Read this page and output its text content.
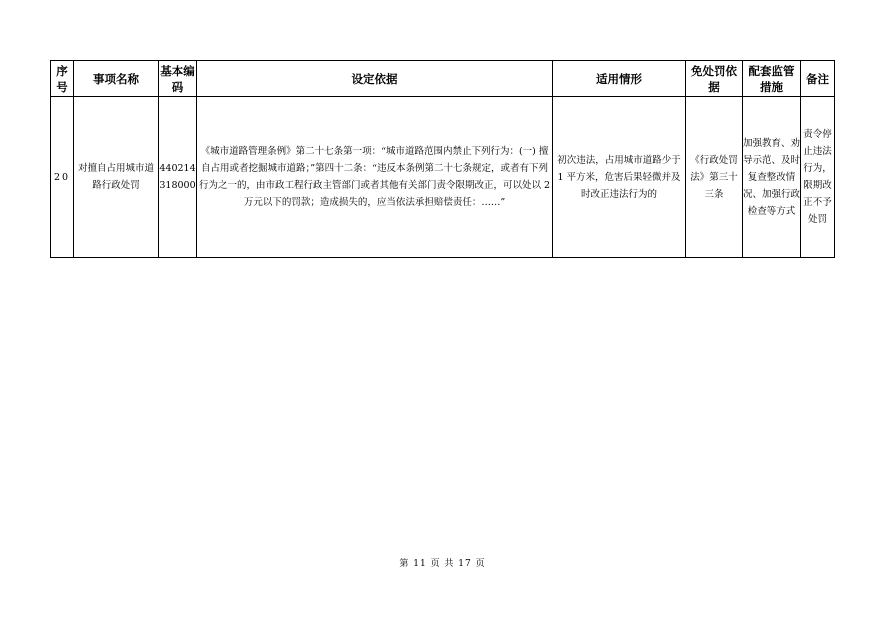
序号	事项名称	基本编码	设定依据	适用情形	免处罚依据	配套监管措施	备注
20	对擅自占用城市道路行政处罚	440214318000	《城市道路管理条例》第二十七条第一项：“城市道路范围内禁止下列行为：(一) 擅自占用或者挖掘城市道路；”第四十二条：“违反本条例第二十七条规定，或者有下列行为之一的，由市政工程行政主管部门或者其他有关部门责令限期改正，可以处以 2 万元以下的罚款；造成损失的，应当依法承担赔偿责任：……”	初次违法，占用城市道路少于 1 平方米，危害后果轻微并及时改正违法行为的	《行政处罚法》第三十三条	加强教育、劝导示范、及时复查整改情况、加强行政检查等方式	责令停止违法行为，限期改正不予处罚
第 11 页 共 17 页
